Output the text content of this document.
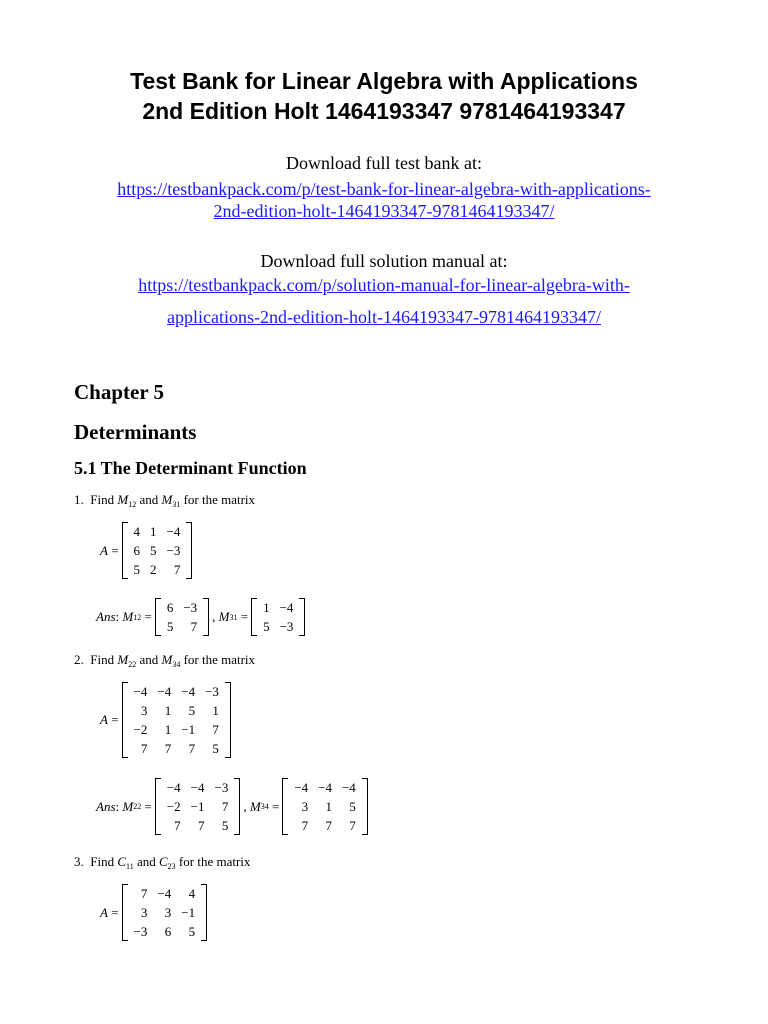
Test Bank for Linear Algebra with Applications
2nd Edition Holt 1464193347 9781464193347
Download full test bank at:
https://testbankpack.com/p/test-bank-for-linear-algebra-with-applications-
2nd-edition-holt-1464193347-9781464193347/
Download full solution manual at:
https://testbankpack.com/p/solution-manual-for-linear-algebra-with-
applications-2nd-edition-holt-1464193347-9781464193347/
Chapter 5
Determinants
5.1 The Determinant Function
1. Find $M_{12}$ and $M_{31}$ for the matrix
A =
4	1	−4
6	5	−3
5	2	7
Ans : M 12 =
6	−3
5	7
, M 31 =
1	−4
5	−3
2. Find $M_{22}$ and $M_{34}$ for the matrix
A =
−4	−4	−4	−3
3	1	5	1
−2	1	−1	7
7	7	7	5
Ans : M 22 =
−4	−4	−3
−2	−1	7
7	7	5
, M 34 =
−4	−4	−4
3	1	5
7	7	7
3. Find $C_{11}$ and $C_{23}$ for the matrix
A =
7	−4	4
3	3	−1
−3	6	5
